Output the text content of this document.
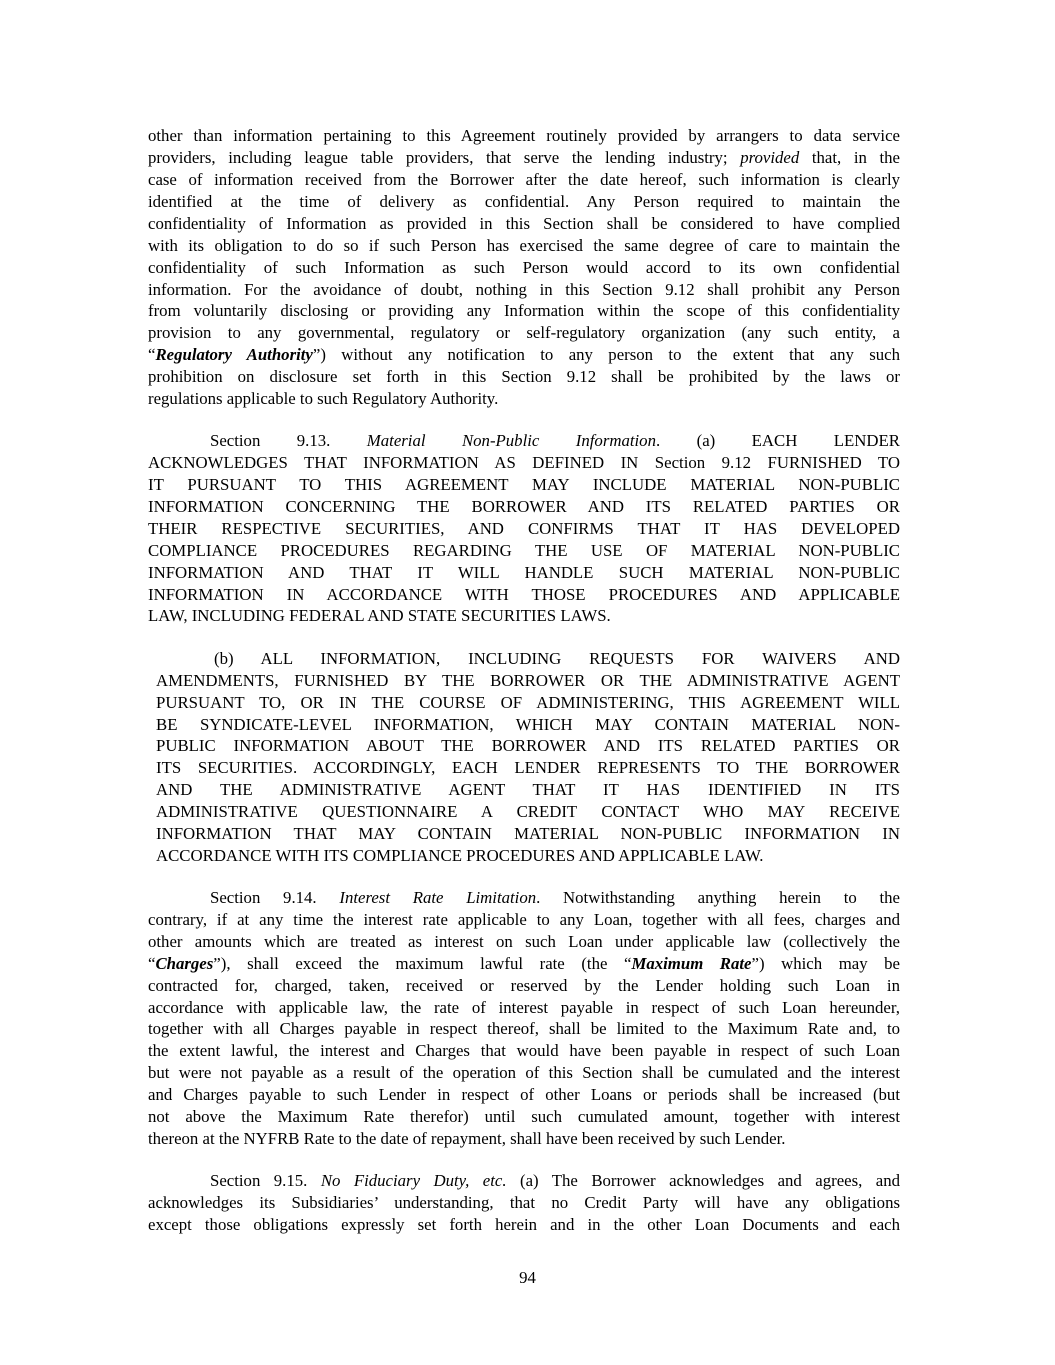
other than information pertaining to this Agreement routinely provided by arrangers to data service
providers, including league table providers, that serve the lending industry; provided that, in the
case of information received from the Borrower after the date hereof, such information is clearly
identified at the time of delivery as confidential. Any Person required to maintain the
confidentiality of Information as provided in this Section shall be considered to have complied
with its obligation to do so if such Person has exercised the same degree of care to maintain the
confidentiality of such Information as such Person would accord to its own confidential
information. For the avoidance of doubt, nothing in this Section 9.12 shall prohibit any Person
from voluntarily disclosing or providing any Information within the scope of this confidentiality
provision to any governmental, regulatory or self-regulatory organization (any such entity, a
“Regulatory Authority”) without any notification to any person to the extent that any such
prohibition on disclosure set forth in this Section 9.12 shall be prohibited by the laws or
regulations applicable to such Regulatory Authority.
Section 9.13. Material Non-Public Information. (a) EACH LENDER
ACKNOWLEDGES THAT INFORMATION AS DEFINED IN Section 9.12 FURNISHED TO
IT PURSUANT TO THIS AGREEMENT MAY INCLUDE MATERIAL NON-PUBLIC
INFORMATION CONCERNING THE BORROWER AND ITS RELATED PARTIES OR
THEIR RESPECTIVE SECURITIES, AND CONFIRMS THAT IT HAS DEVELOPED
COMPLIANCE PROCEDURES REGARDING THE USE OF MATERIAL NON-PUBLIC
INFORMATION AND THAT IT WILL HANDLE SUCH MATERIAL NON-PUBLIC
INFORMATION IN ACCORDANCE WITH THOSE PROCEDURES AND APPLICABLE
LAW, INCLUDING FEDERAL AND STATE SECURITIES LAWS.
(b) ALL INFORMATION, INCLUDING REQUESTS FOR WAIVERS AND
AMENDMENTS, FURNISHED BY THE BORROWER OR THE ADMINISTRATIVE AGENT
PURSUANT TO, OR IN THE COURSE OF ADMINISTERING, THIS AGREEMENT WILL
BE SYNDICATE-LEVEL INFORMATION, WHICH MAY CONTAIN MATERIAL NON-
PUBLIC INFORMATION ABOUT THE BORROWER AND ITS RELATED PARTIES OR
ITS SECURITIES. ACCORDINGLY, EACH LENDER REPRESENTS TO THE BORROWER
AND THE ADMINISTRATIVE AGENT THAT IT HAS IDENTIFIED IN ITS
ADMINISTRATIVE QUESTIONNAIRE A CREDIT CONTACT WHO MAY RECEIVE
INFORMATION THAT MAY CONTAIN MATERIAL NON-PUBLIC INFORMATION IN
ACCORDANCE WITH ITS COMPLIANCE PROCEDURES AND APPLICABLE LAW.
Section 9.14. Interest Rate Limitation. Notwithstanding anything herein to the
contrary, if at any time the interest rate applicable to any Loan, together with all fees, charges and
other amounts which are treated as interest on such Loan under applicable law (collectively the
“Charges”), shall exceed the maximum lawful rate (the “Maximum Rate”) which may be
contracted for, charged, taken, received or reserved by the Lender holding such Loan in
accordance with applicable law, the rate of interest payable in respect of such Loan hereunder,
together with all Charges payable in respect thereof, shall be limited to the Maximum Rate and, to
the extent lawful, the interest and Charges that would have been payable in respect of such Loan
but were not payable as a result of the operation of this Section shall be cumulated and the interest
and Charges payable to such Lender in respect of other Loans or periods shall be increased (but
not above the Maximum Rate therefor) until such cumulated amount, together with interest
thereon at the NYFRB Rate to the date of repayment, shall have been received by such Lender.
Section 9.15. No Fiduciary Duty, etc. (a) The Borrower acknowledges and agrees, and
acknowledges its Subsidiaries’ understanding, that no Credit Party will have any obligations
except those obligations expressly set forth herein and in the other Loan Documents and each
94
